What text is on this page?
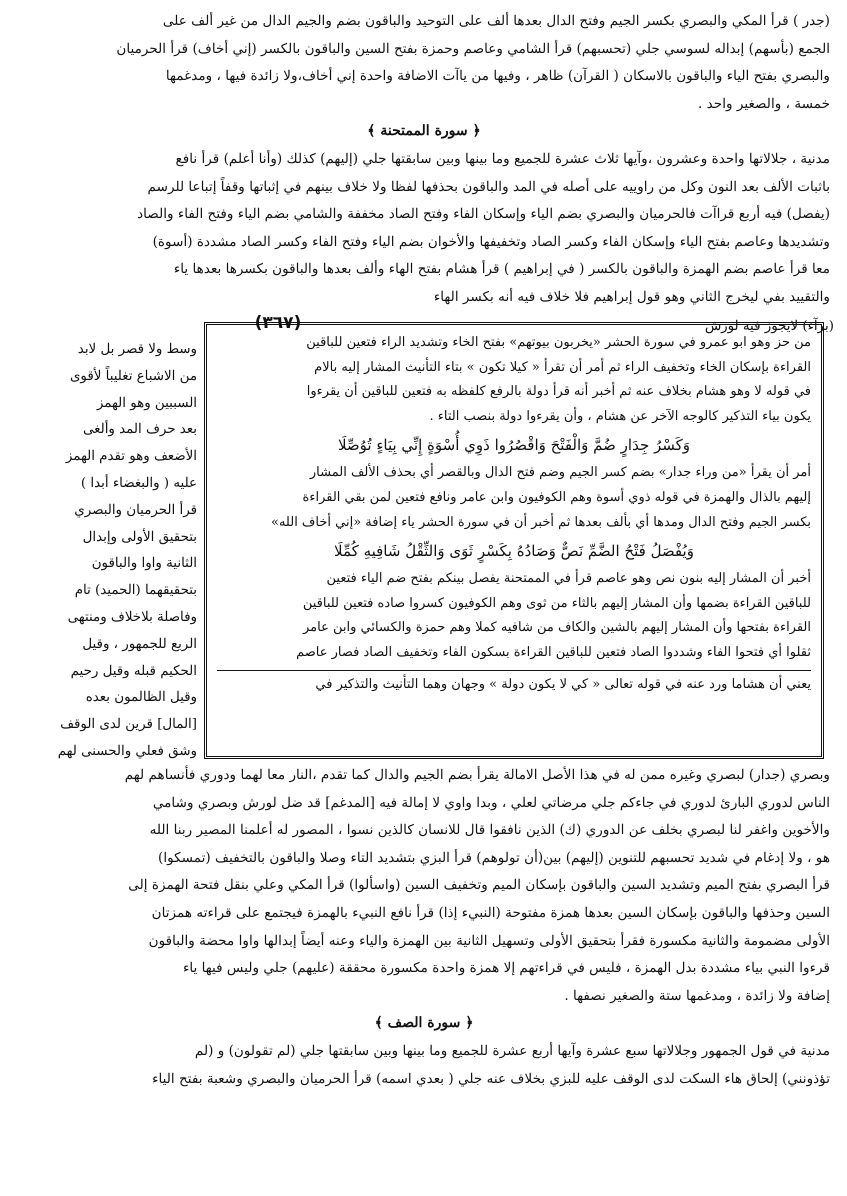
(جدر ) قرأ المكي والبصري بكسر الجيم وفتح الدال بعدها ألف على التوحيد والباقون بضم والجيم الدال من غير ألف على
الجمع (بأسهم) إبداله لسوسي جلي (تحسبهم) قرأ الشامي وعاصم وحمزة بفتح السين والباقون بالكسر (إني أخاف) قرأ الحرميان
والبصري بفتح الياء والباقون بالاسكان ( القرآن) ظاهر ، وفيها من ياآت الاضافة واحدة إني أخاف،ولا زائدة فيها ، ومدغمها
خمسة ، والصغير واحد .
﴿ سورة الممتحنة ﴾
مدنية ، جلالاتها واحدة وعشرون ،وآيها ثلاث عشرة للجميع وما بينها وبين سابقتها جلي (إليهم) كذلك (وأنا أعلم) قرأ نافع
باثبات الألف بعد النون وكل من راوييه على أصله في المد والباقون بحذفها لفظا ولا خلاف بينهم في إثباتها وقفاً إتباعا للرسم
(يفصل) فيه أربع قراآت فالحرميان والبصري بضم الياء وإسكان الفاء وفتح الصاد مخففة والشامي بضم الياء وفتح الفاء والصاد
وتشديدها وعاصم بفتح الياء وإسكان الفاء وكسر الصاد وتخفيفها والأخوان بضم الياء وفتح الفاء وكسر الصاد مشددة (أسوة)
معا قرأ عاصم بضم الهمزة والباقون بالكسر ( في إبراهيم ) قرأ هشام بفتح الهاء وألف بعدها والباقون بكسرها بعدها ياء
والتقييد بفي ليخرج الثاني وهو قول إبراهيم فلا خلاف فيه أنه بكسر الهاء
(٣٦٧)	(برآء) لايجوز فيه لورش
وسط ولا قصر بل لابد
من الاشباع تغليباً لأقوى
السببين وهو الهمز
بعد حرف المد وألغى
الأضعف وهو تقدم الهمز
عليه ( والبغضاء أبدا )
قرأ الحرميان والبصري
بتحقيق الأولى وإبدال
الثانية واوا والباقون
بتحقيقهما (الحميد) تام
وفاصلة بلاخلاف ومنتهى
الربع للجمهور ، وقيل
الحكيم قبله وقيل رحيم
وقيل الظالمون بعده
[المال] قرين لدى الوقف
وشق فعلي والحسنى لهم
من حز وهو ابو عمرو في سورة الحشر «يخربون بيوتهم» بفتح الخاء وتشديد الراء فتعين للباقين
القراءة بإسكان الخاء وتخفيف الراء ثم أمر أن تقرأ « كيلا تكون » بتاء التأنيث المشار إليه بالام
في قوله لا وهو هشام بخلاف عنه ثم أخبر أنه قرأ دولة بالرفع كلفظه به فتعين للباقين أن يقرءوا
يكون بياء التذكير كالوجه الآخر عن هشام ، وأن يقرءوا دولة بنصب التاء .
وَكَسْرُ جِدَارٍ ضُمَّ وَالْفَتْحَ وَاقْصُرُوا ذَوِي أُسْوَةٍ إِنِّي بِيَاءٍ تُوُصِّلَا
أمر أن يقرأ «من وراء جدار» بضم كسر الجيم وضم فتح الدال وبالقصر أي بحذف الألف المشار
إليهم بالذال والهمزة في قوله ذوي أسوة وهم الكوفيون وابن عامر ونافع فتعين لمن بقي القراءة
بكسر الجيم وفتح الدال ومدها أي بألف بعدها ثم أخبر أن في سورة الحشر ياء إضافة «إني أخاف الله»
وَيُفْصَلُ فَتْحُ الضَّمِّ نَصٌّ وَصَادُهُ بِكَسْرٍ ثَوَى وَالثِّقْلُ شَافِيهِ كُمِّلَا
أخبر أن المشار إليه بنون نص وهو عاصم قرأ في الممتحنة يفصل بينكم بفتح ضم الياء فتعين
للباقين القراءة بضمها وأن المشار إليهم بالثاء من ثوى وهم الكوفيون كسروا صاده فتعين للباقين
القراءة بفتحها وأن المشار إليهم بالشين والكاف من شافيه كملا وهم حمزة والكسائي وابن عامر
ثقلوا أي فتحوا الفاء وشددوا الصاد فتعين للباقين القراءة بسكون الفاء وتخفيف الصاد فصار عاصم
يعني أن هشاما ورد عنه في قوله تعالى « كي لا يكون دولة » وجهان وهما التأنيث والتذكير في
وبصري (جدار) لبصري وغيره ممن له في هذا الأصل الامالة يقرأ بضم الجيم والدال كما تقدم ،النار معا لهما ودوري فأنساهم لهم
الناس لدوري البارئ لدوري في جاءكم جلي مرضاتي لعلي ، وبدا واوي لا إمالة فيه [المدغم] قد ضل لورش وبصري وشامي
والأخوين واغفر لنا لبصري بخلف عن الدوري (ك) الذين نافقوا قال للانسان كالذين نسوا ، المصور له أعلمنا المصير ربنا الله
هو ، ولا إدغام في شديد تحسبهم للتنوين (إليهم) بين(أن تولوهم) قرأ البزي بتشديد التاء وصلا والباقون بالتخفيف (تمسكوا)
قرأ البصري بفتح الميم وتشديد السين والباقون بإسكان الميم وتخفيف السين (واسألوا) قرأ المكي وعلي بنقل فتحة الهمزة إلى
السين وحذفها والباقون بإسكان السين بعدها همزة مفتوحة (النبيء إذا) قرأ نافع النبيء بالهمزة فيجتمع على قراءته همزتان
الأولى مضمومة والثانية مكسورة فقرأ بتحقيق الأولى وتسهيل الثانية بين الهمزة والياء وعنه أيضاً إبدالها واوا محضة والباقون
قرءوا النبي بياء مشددة بدل الهمزة ، فليس في قراءتهم إلا همزة واحدة مكسورة محققة (عليهم) جلي وليس فيها ياء
إضافة ولا زائدة ، ومدغمها ستة والصغير نصفها .
﴿ سورة الصف ﴾
مدنية في قول الجمهور وجلالاتها سبع عشرة وآيها أربع عشرة للجميع وما بينها وبين سابقتها جلي (لم تقولون) و (لم
تؤذونني) إلحاق هاء السكت لدى الوقف عليه للبزي بخلاف عنه جلي ( بعدي اسمه) قرأ الحرميان والبصري وشعبة بفتح الياء
